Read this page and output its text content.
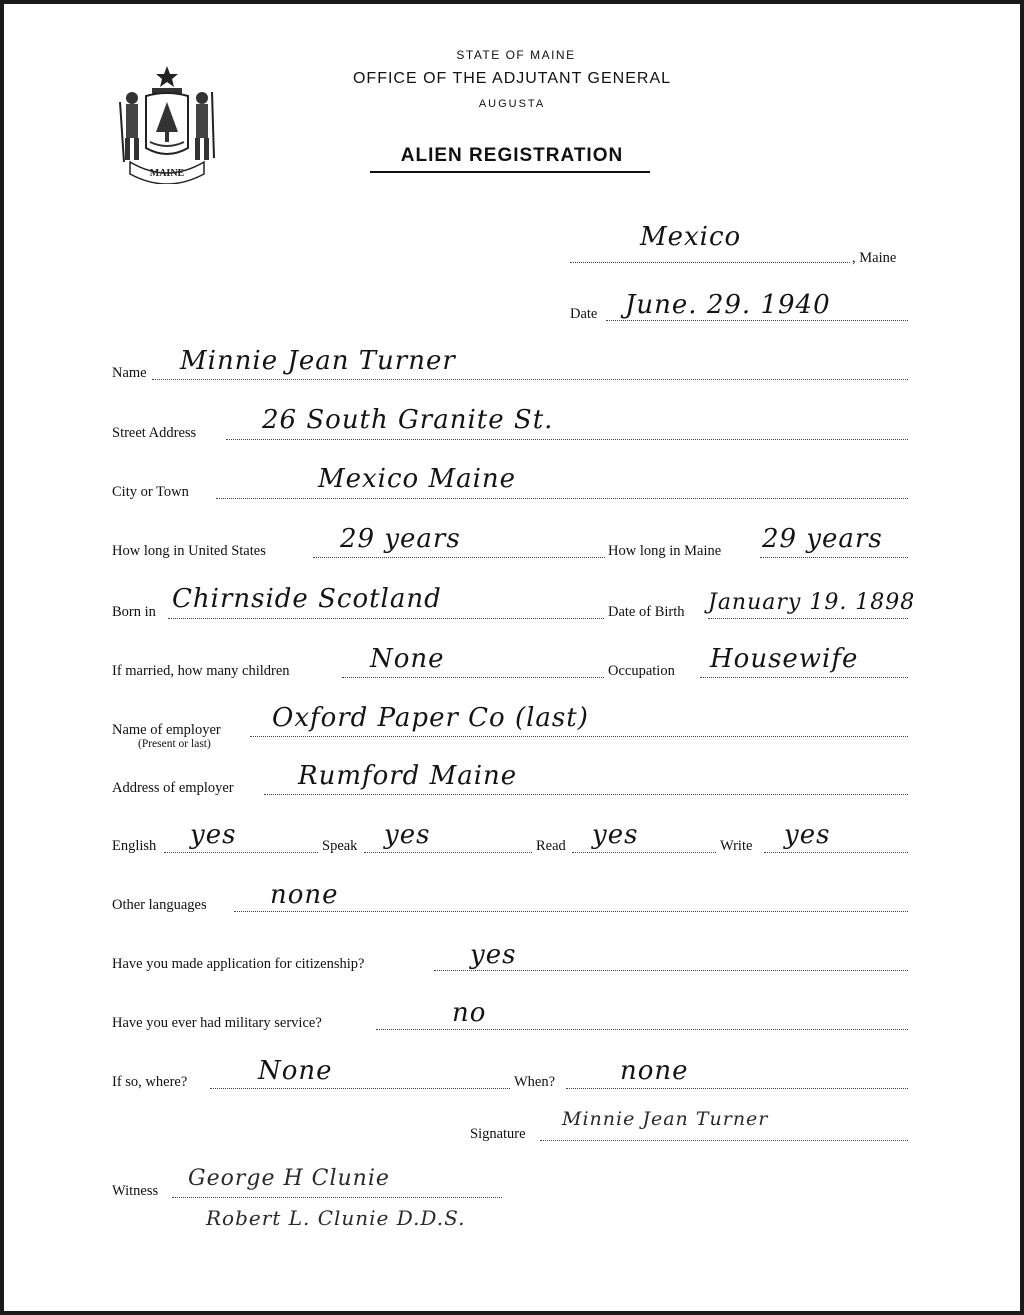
MAINE
STATE OF MAINE
OFFICE OF THE ADJUTANT GENERAL
AUGUSTA
ALIEN REGISTRATION
Mexico
, Maine
Date June. 29. 1940
Name Minnie Jean Turner
Street Address	26 South Granite St.
City or Town	Mexico Maine
How long in United States	29 years	How long in Maine 29 years
Born in Chirnside Scotland	Date of Birth January 19. 1898
If married, how many children	None	Occupation Housewife
Name of employer
(Present or last)
Oxford Paper Co (last)
Address of employer Rumford Maine
English yes	Speak yes	Read yes	Write yes
Other languages none
Have you made application for citizenship?	yes
Have you ever had military service?	no
If so, where?	None	When? none
Signature
Minnie Jean Turner
Witness George H Clunie
Robert L. Clunie D.D.S.
